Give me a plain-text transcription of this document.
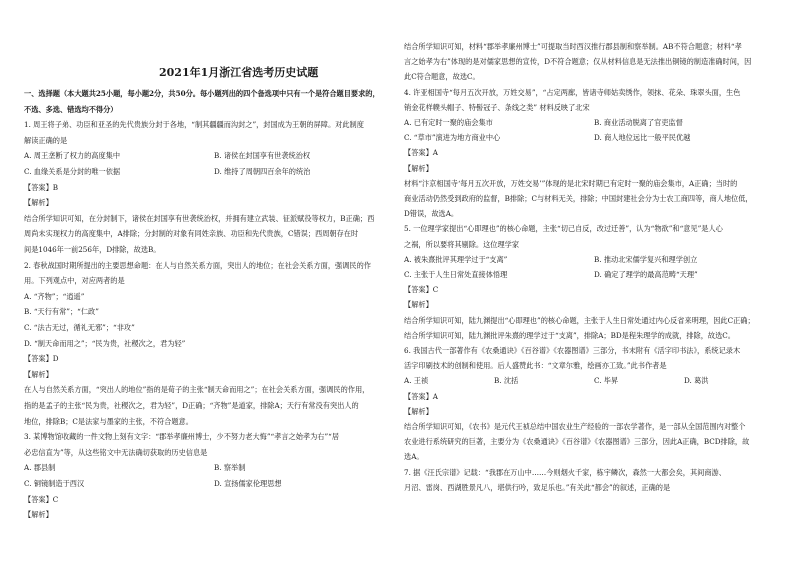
2021年1月浙江省选考历史试题
一、选择题（本大题共25小题，每小题2分，共50分。每小题列出的四个备选项中只有一个是符合题目要求的，
不选、多选、错选均不得分）
1. 周王将子弟、功臣和亚圣的先代贵族分封于各地，“制其疆疆而沟封之”，封国成为王朝的屏障。对此制度
解读正确的是
A. 周王垄断了权力的高度集中	B. 诸侯在封国享有世袭统治权
C. 血缘关系是分封的唯一依据	D. 维持了周朝四百余年的统治
【答案】B
【解析】
结合所学知识可知，在分封制下，诸侯在封国享有世袭统治权，并拥有建立武装、征派赋役等权力，B正确；西
周尚未实现权力的高度集中，A排除；分封制的对象有同姓亲族、功臣和先代贵族，C错误；西周朝存在时
间是1046年一前256年，D排除，故选B。
2. 春秋战国时期所提出的主要思想命题：在人与自然关系方面，突出人的地位；在社会关系方面，强调民的作
用。下列观点中，对应两者的是
A. “齐物”；“逍遥”
B. “天行有常”；“仁政”
C. “法古无过，循礼无邪”；“非攻”
D. “制天命而用之”；“民为贵，社稷次之，君为轻”
【答案】D
【解析】
在人与自然关系方面，“突出人的地位”指的是荀子的主张“制天命而用之”；在社会关系方面，强调民的作用，
指的是孟子的主张“民为贵，社稷次之，君为轻”，D正确；“齐物”是道家，排除A；天行有常没有突出人的
地位，排除B；C是法家与墨家的主张，不符合题意。
3. 某博物馆收藏的一件文物上刻有文字：“郡举孝廉州博士，少不努力老大悔”“孝言之始孝为右”“居
必忠信直为”等，从这些铭文中无法确切获取的历史信息是
A. 郡县制	B. 察举制
C. 铜镜制造于西汉	D. 宣扬儒家伦理思想
【答案】C
【解析】
结合所学知识可知，材料“郡举孝廉州博士”可提取当时西汉推行郡县制和察举制。AB不符合题意；材料“孝
言之始孝为右”体现的是对儒家思想的宣传，D不符合题意；仅从材料信息是无法推出铜镜的制造准确时间，因
此C符合题意，故选C。
4. 许亚相国寺“每月五次开放，万姓交易”，“占定两廊，皆诸寺师姑卖绣作，领抹、花朵、珠翠头面，生色
销金花样幞头帽子、特髻冠子、条线之类” 材料反映了北宋
A. 已有定时一聚的庙会集市	B. 商业活动脱离了官吏监督
C. “草市”演进为地方商业中心	D. 商人地位远比一般平民优越
【答案】A
【解析】
材料“汴京相国寺‘每月五次开放，万姓交易’”体现的是北宋时期已有定时一聚的庙会集市，A正确；当时的
商业活动仍然受到政府的监督，B排除；C与材料无关，排除；中国封建社会分为士农工商四等，商人地位低，
D错误，故选A。
5. 一位理学家提出“心即理也”的核心命题，主张“切己自反，改过迁善”，认为“物欲”和“意见”是人心
之祸，所以要将其剔除。这位理学家
A. 被朱熹批评其理学过于“支离”	B. 推动北宋儒学复兴和理学创立
C. 主张于人生日常处直接体悟理	D. 确定了理学的最高范畴“天理”
【答案】C
【解析】
结合所学知识可知，陆九渊提出“心即理也”的核心命题，主张于人生日常处通过内心反省来明理，因此C正确；
结合所学知识可知，陆九渊批评朱熹的理学过于“支离”，排除A；BD是程朱理学的成就，排除，故选C。
6. 我国古代一部著作有《农桑通诀》《百谷谱》《农器图谱》三部分，书末附有《活字印书法》，系统记录木
活字印刷技术的创制和使用。后人盛赞此书：“文章尔雅，绘画亦工致。”此书作者是
A. 王祯	B. 沈括	C. 毕昇	D. 葛洪
【答案】A
【解析】
结合所学知识可知，《农书》是元代王祯总结中国农业生产经验的一部农学著作，是一部从全国范围内对整个
农业进行系统研究的巨著，主要分为《农桑通诀》《百谷谱》《农器图谱》三部分，因此A正确，BCD排除，故
选A。
7. 据《汪氏宗谱》记载：“我郡在万山中……今则烟火千家，栋宇鳞次，森然一大都会矣，其间商游、
月沼、雷岗、西湖胜景凡八，堪供行吟，致足乐也。”有关此“都会”的叙述，正确的是
